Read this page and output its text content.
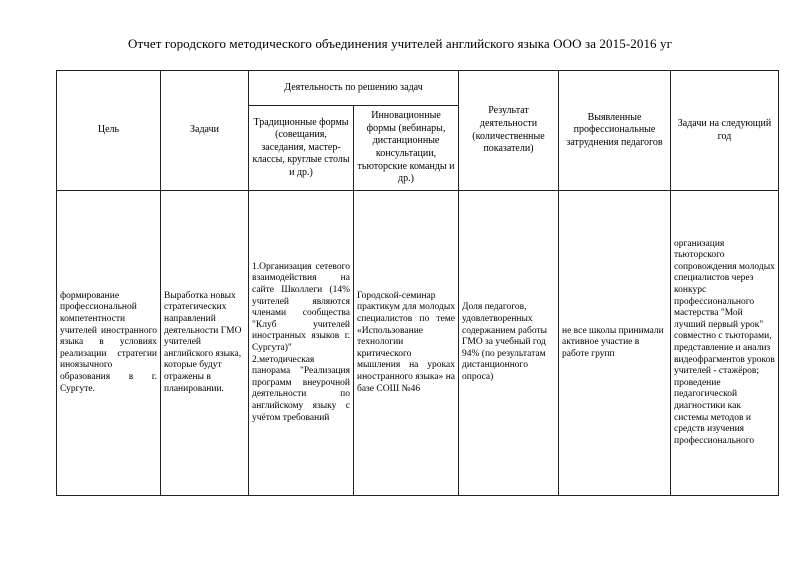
Отчет городского методического объединения учителей английского языка ООО за 2015-2016 уг
Цель	Задачи	Деятельность по решению задач		Результат деятельности (количественные показатели)	Выявленные профессиональные затруднения педагогов	Задачи на следующий год
		Традиционные формы (совещания, заседания, мастер-классы, круглые столы и др.)	Инновационные формы (вебинары, дистанционные консультации, тьюторские команды и др.)			
формирование профессиональной компетентности учителей иностранного языка в условиях реализации стратегии иноязычного образования в г. Сургуте.	Выработка новых стратегических направлений деятельности ГМО учителей английского языка, которые будут отражены в планировании.	1.Организация сетевого взаимодействия на сайте Школлеги (14% учителей являются членами сообщества "Клуб учителей иностранных языков г. Сургута)" 2.методическая панорама "Реализация программ внеурочной деятельности по английскому языку с учётом требований	Городской-семинар практикум для молодых специалистов по теме «Использование технологии критического мышления на уроках иностранного языка» на базе СОШ №46	Доля педагогов, удовлетворенных содержанием работы ГМО за учебный год 94% (по результатам дистанционного опроса)	не все школы принимали активное участие в работе групп	организация тьюторского сопровождения молодых специалистов через конкурс профессионального мастерства "Мой лучший первый урок" совместно с тьюторами, представление и анализ видеофрагментов уроков учителей - стажёров; проведение педагогической диагностики как системы методов и средств изучения профессионального
